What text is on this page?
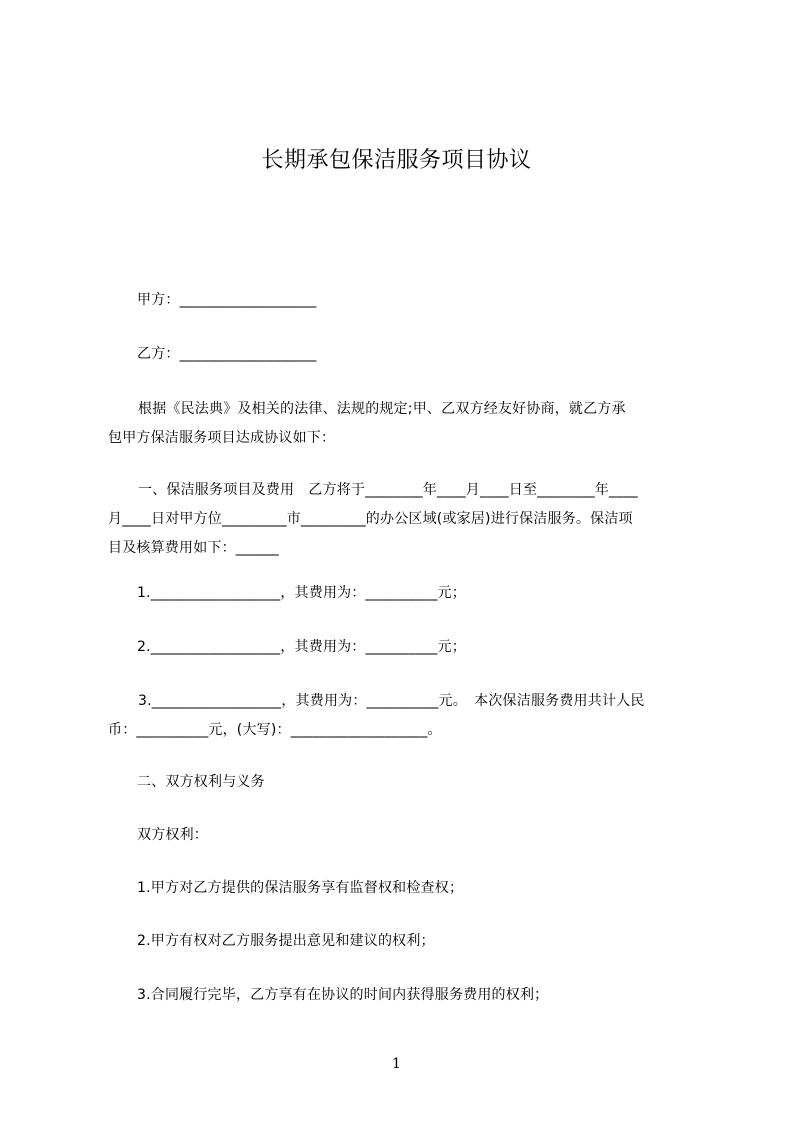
长期承包保洁服务项目协议
甲方：___________________
乙方：___________________
根据《民法典》及相关的法律、法规的规定;甲、乙双方经友好协商，就乙方承
包甲方保洁服务项目达成协议如下：
一、保洁服务项目及费用　乙方将于________年____月____日至________年____
月____日对甲方位_________市_________的办公区域(或家居)进行保洁服务。保洁项
目及核算费用如下：______
1.__________________，其费用为：__________元；
2.__________________，其费用为：__________元；
3.__________________，其费用为：__________元。　本次保洁服务费用共计人民
币：__________元，(大写)：___________________。
二、双方权利与义务
双方权利：
1.甲方对乙方提供的保洁服务享有监督权和检查权；
2.甲方有权对乙方服务提出意见和建议的权利；
3.合同履行完毕，乙方享有在协议的时间内获得服务费用的权利；
1
